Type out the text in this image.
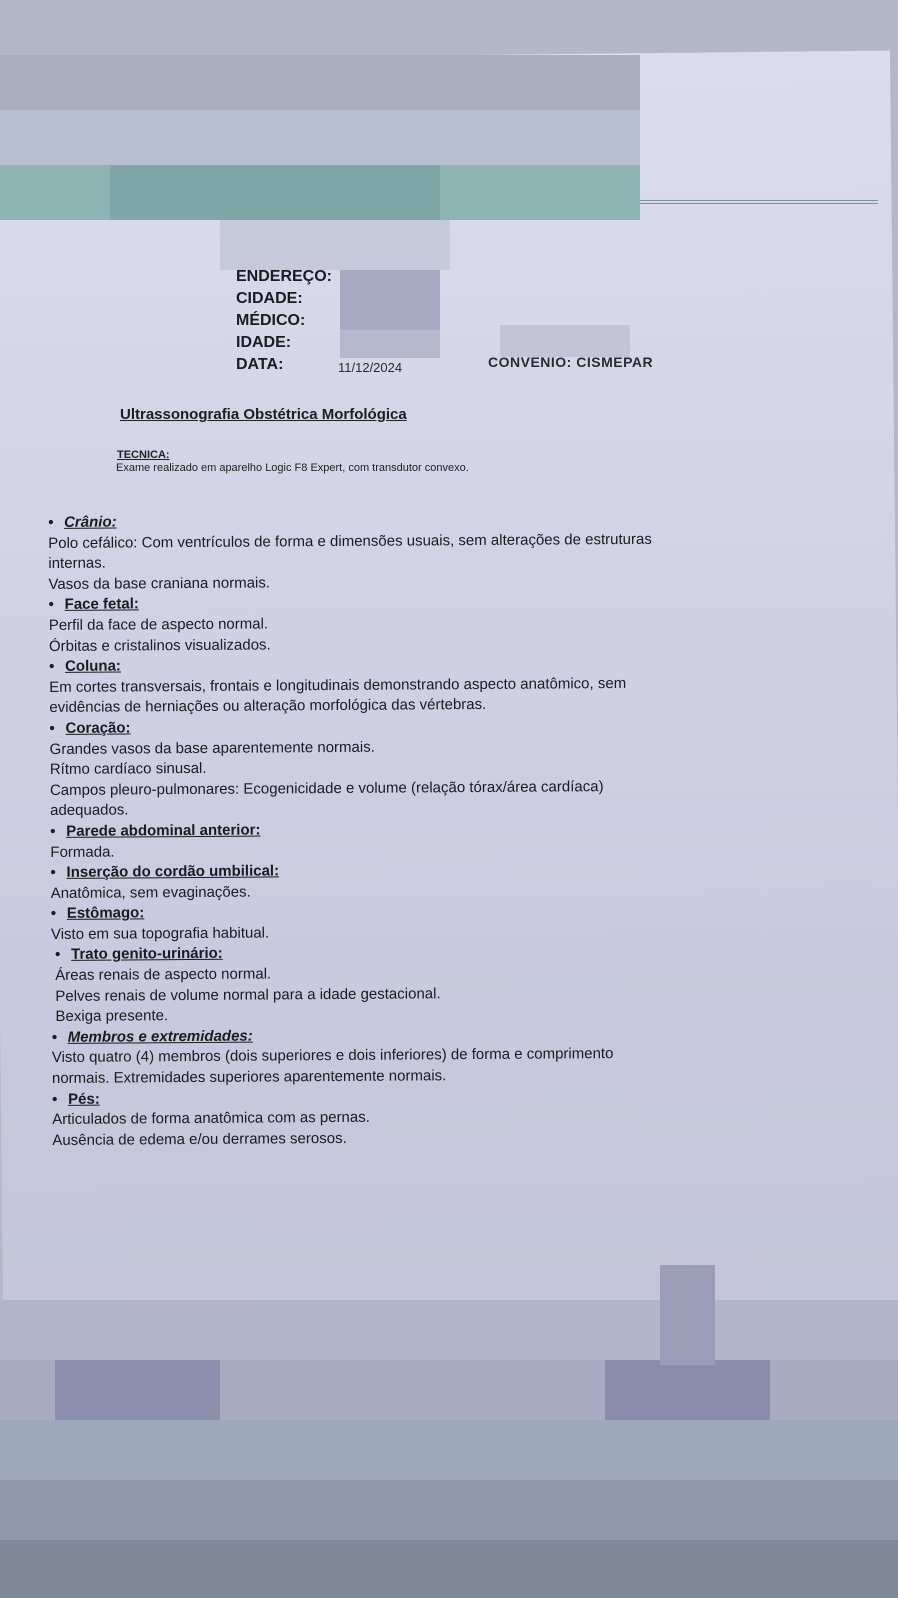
ENDEREÇO:
CIDADE:
MÉDICO:
IDADE:
DATA:	11/12/2024	CONVENIO: CISMEPAR
Ultrassonografia Obstétrica Morfológica
TECNICA:
Exame realizado em aparelho Logic F8 Expert, com transdutor convexo.
• Crânio:
Polo cefálico: Com ventrículos de forma e dimensões usuais, sem alterações de estruturas
internas.
Vasos da base craniana normais.
• Face fetal:
Perfil da face de aspecto normal.
Órbitas e cristalinos visualizados.
• Coluna:
Em cortes transversais, frontais e longitudinais demonstrando aspecto anatômico, sem
evidências de herniações ou alteração morfológica das vértebras.
• Coração:
Grandes vasos da base aparentemente normais.
Rítmo cardíaco sinusal.
Campos pleuro-pulmonares: Ecogenicidade e volume (relação tórax/área cardíaca)
adequados.
• Parede abdominal anterior:
Formada.
• Inserção do cordão umbilical:
Anatômica, sem evaginações.
• Estômago:
Visto em sua topografia habitual.
• Trato genito-urinário:
Áreas renais de aspecto normal.
Pelves renais de volume normal para a idade gestacional.
Bexiga presente.
• Membros e extremidades:
Visto quatro (4) membros (dois superiores e dois inferiores) de forma e comprimento
normais. Extremidades superiores aparentemente normais.
• Pés:
Articulados de forma anatômica com as pernas.
Ausência de edema e/ou derrames serosos.
